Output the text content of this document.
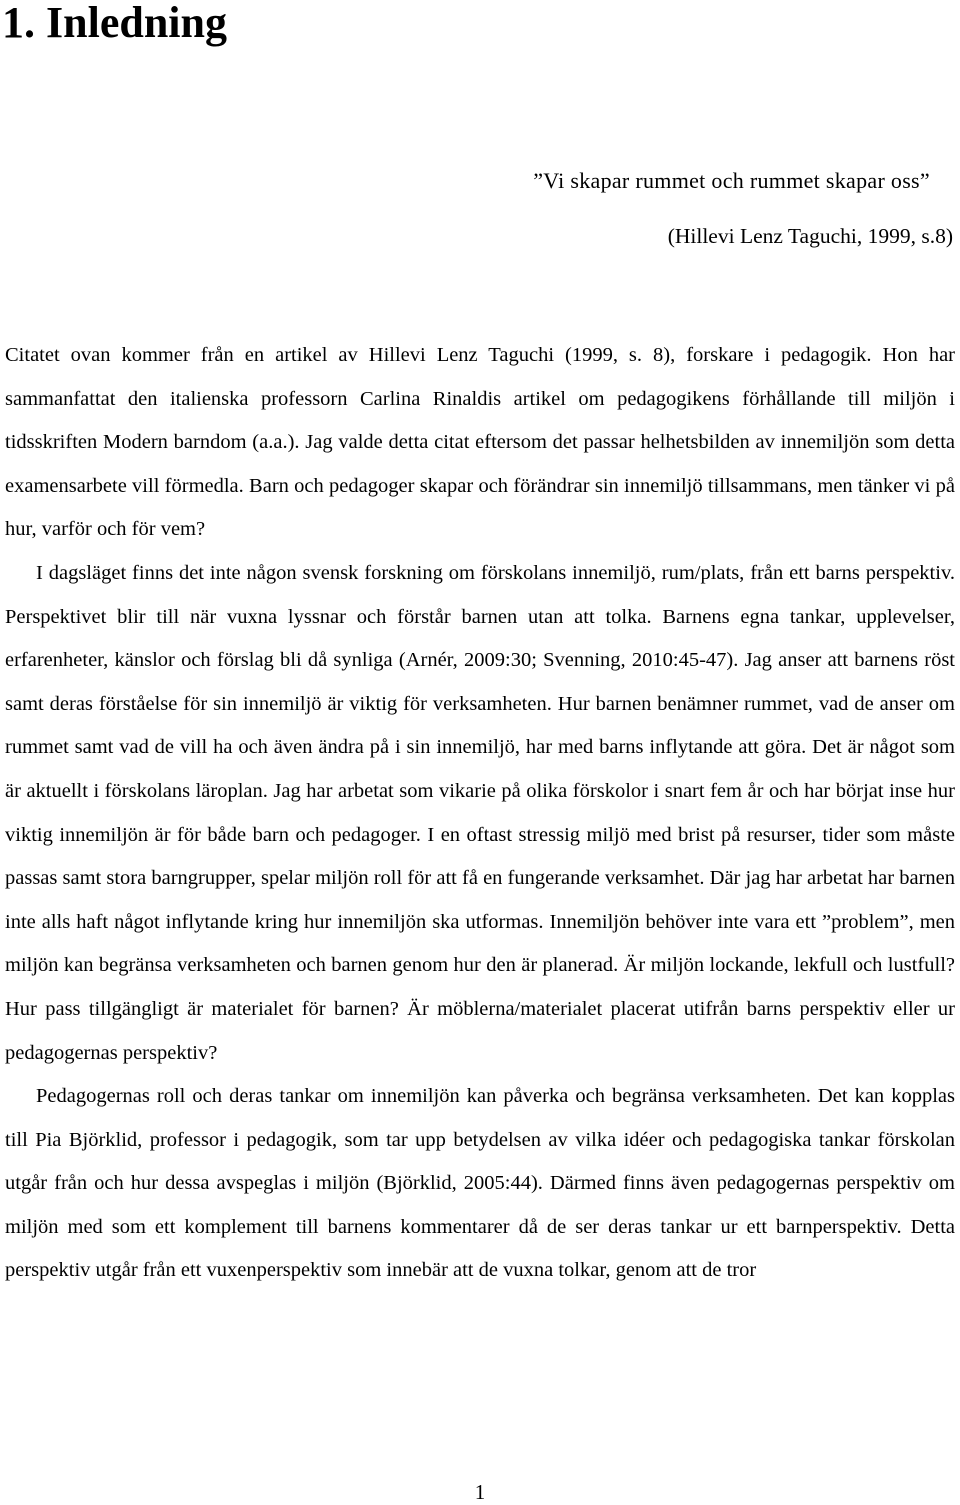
1. Inledning
”Vi skapar rummet och rummet skapar oss”
(Hillevi Lenz Taguchi, 1999, s.8)

Citatet ovan kommer från en artikel av Hillevi Lenz Taguchi (1999, s. 8), forskare i pedagogik. Hon har sammanfattat den italienska professorn Carlina Rinaldis artikel om pedagogikens förhållande till miljön i tidsskriften Modern barndom (a.a.). Jag valde detta citat eftersom det passar helhetsbilden av innemiljön som detta examensarbete vill förmedla. Barn och pedagoger skapar och förändrar sin innemiljö tillsammans, men tänker vi på hur, varför och för vem?

I dagsläget finns det inte någon svensk forskning om förskolans innemiljö, rum/plats, från ett barns perspektiv. Perspektivet blir till när vuxna lyssnar och förstår barnen utan att tolka. Barnens egna tankar, upplevelser, erfarenheter, känslor och förslag bli då synliga (Arnér, 2009:30; Svenning, 2010:45-47). Jag anser att barnens röst samt deras förståelse för sin innemiljö är viktig för verksamheten. Hur barnen benämner rummet, vad de anser om rummet samt vad de vill ha och även ändra på i sin innemiljö, har med barns inflytande att göra. Det är något som är aktuellt i förskolans läroplan. Jag har arbetat som vikarie på olika förskolor i snart fem år och har börjat inse hur viktig innemiljön är för både barn och pedagoger. I en oftast stressig miljö med brist på resurser, tider som måste passas samt stora barngrupper, spelar miljön roll för att få en fungerande verksamhet. Där jag har arbetat har barnen inte alls haft något inflytande kring hur innemiljön ska utformas. Innemiljön behöver inte vara ett ”problem”, men miljön kan begränsa verksamheten och barnen genom hur den är planerad. Är miljön lockande, lekfull och lustfull? Hur pass tillgängligt är materialet för barnen? Är möblerna/materialet placerat utifrån barns perspektiv eller ur pedagogernas perspektiv?

Pedagogernas roll och deras tankar om innemiljön kan påverka och begränsa verksamheten. Det kan kopplas till Pia Björklid, professor i pedagogik, som tar upp betydelsen av vilka idéer och pedagogiska tankar förskolan utgår från och hur dessa avspeglas i miljön (Björklid, 2005:44). Därmed finns även pedagogernas perspektiv om miljön med som ett komplement till barnens kommentarer då de ser deras tankar ur ett barnperspektiv. Detta perspektiv utgår från ett vuxenperspektiv som innebär att de vuxna tolkar, genom att de tror

1
